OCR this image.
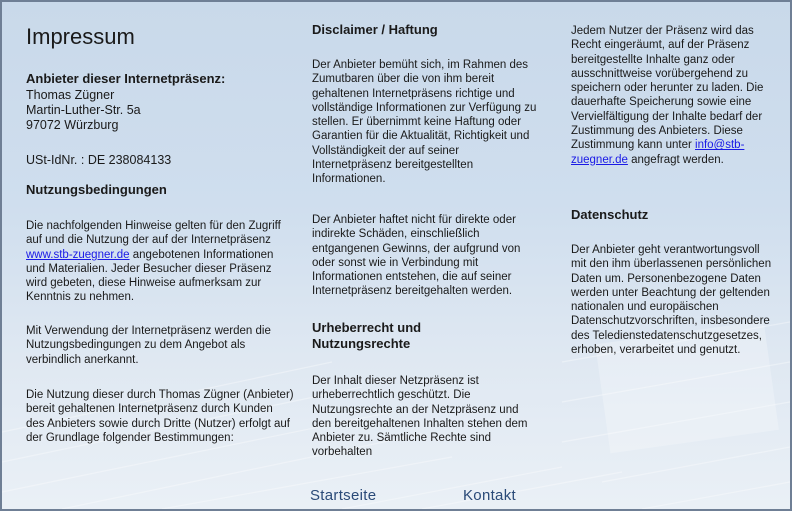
Impressum
Anbieter dieser Internetpräsenz:
Thomas Zügner
Martin-Luther-Str. 5a
97072 Würzburg
USt-IdNr. : DE 238084133
Nutzungsbedingungen
Die nachfolgenden Hinweise gelten für den Zugriff auf und die Nutzung der auf der Internetpräsenz www.stb-zuegner.de angebotenen Informationen und Materialien. Jeder Besucher dieser Präsenz wird gebeten, diese Hinweise aufmerksam zur Kenntnis zu nehmen.
Mit Verwendung der Internetpräsenz werden die Nutzungsbedingungen zu dem Angebot als verbindlich anerkannt.
Die Nutzung dieser durch Thomas Zügner (Anbieter) bereit gehaltenen Internetpräsenz durch Kunden des Anbieters sowie durch Dritte (Nutzer) erfolgt auf der Grundlage folgender Bestimmungen:
Disclaimer / Haftung
Der Anbieter bemüht sich, im Rahmen des Zumutbaren über die von ihm bereit gehaltenen Internetpräsens richtige und vollständige Informationen zur Verfügung zu stellen. Er übernimmt keine Haftung oder Garantien für die Aktualität, Richtigkeit und Vollständigkeit der auf seiner Internetpräsenz bereitgestellten Informationen.
Der Anbieter haftet nicht für direkte oder indirekte Schäden, einschließlich entgangenen Gewinns, der aufgrund von oder sonst wie in Verbindung mit Informationen entstehen, die auf seiner Internetpräsenz bereitgehalten werden.
Urheberrecht und Nutzungsrechte
Der Inhalt dieser Netzpräsenz ist urheberrechtlich geschützt. Die Nutzungsrechte an der Netzpräsenz und den bereitgehaltenen Inhalten stehen dem Anbieter zu. Sämtliche Rechte sind vorbehalten
Jedem Nutzer der Präsenz wird das Recht eingeräumt, auf der Präsenz bereitgestellte Inhalte ganz oder ausschnittweise vorübergehend zu speichern oder herunter zu laden. Die dauerhafte Speicherung sowie eine Vervielfältigung der Inhalte bedarf der Zustimmung des Anbieters. Diese Zustimmung kann unter info@stb-zuegner.de angefragt werden.
Datenschutz
Der Anbieter geht verantwortungsvoll mit den ihm überlassenen persönlichen Daten um. Personenbezogene Daten werden unter Beachtung der geltenden nationalen und europäischen Datenschutzvorschriften, insbesondere des Teledienstedatenschutzgesetzes, erhoben, verarbeitet und genutzt.
Startseite	Kontakt
